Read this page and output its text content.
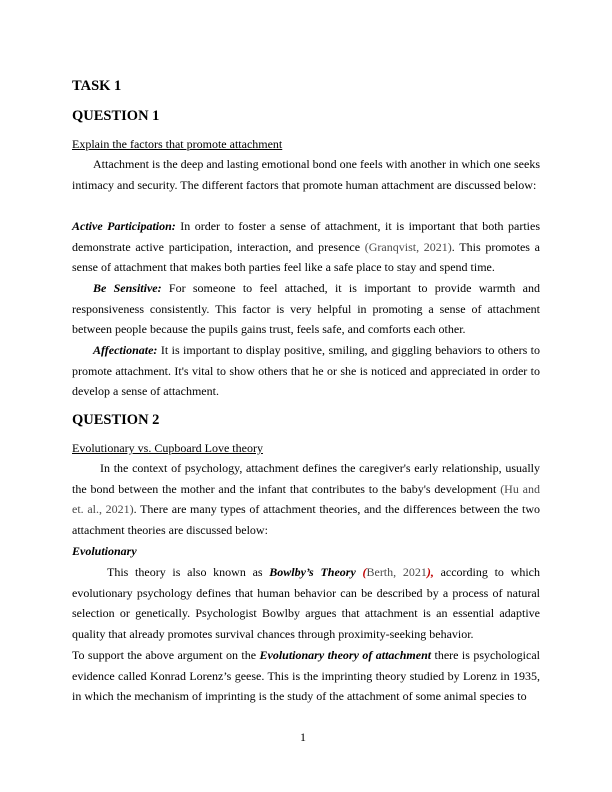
TASK 1
QUESTION 1
Explain the factors that promote attachment

Attachment is the deep and lasting emotional bond one feels with another in which one seeks intimacy and security. The different factors that promote human attachment are discussed below:

Active Participation: In order to foster a sense of attachment, it is important that both parties demonstrate active participation, interaction, and presence (Granqvist, 2021). This promotes a sense of attachment that makes both parties feel like a safe place to stay and spend time.

Be Sensitive: For someone to feel attached, it is important to provide warmth and responsiveness consistently. This factor is very helpful in promoting a sense of attachment between people because the pupils gains trust, feels safe, and comforts each other.

Affectionate: It is important to display positive, smiling, and giggling behaviors to others to promote attachment. It's vital to show others that he or she is noticed and appreciated in order to develop a sense of attachment.

QUESTION 2
Evolutionary vs. Cupboard Love theory

In the context of psychology, attachment defines the caregiver's early relationship, usually the bond between the mother and the infant that contributes to the baby's development (Hu and et. al., 2021). There are many types of attachment theories, and the differences between the two attachment theories are discussed below:

Evolutionary

This theory is also known as Bowlby’s Theory (Berth, 2021), according to which evolutionary psychology defines that human behavior can be described by a process of natural selection or genetically. Psychologist Bowlby argues that attachment is an essential adaptive quality that already promotes survival chances through proximity-seeking behavior.

To support the above argument on the Evolutionary theory of attachment there is psychological evidence called Konrad Lorenz’s geese. This is the imprinting theory studied by Lorenz in 1935, in which the mechanism of imprinting is the study of the attachment of some animal species to

1
